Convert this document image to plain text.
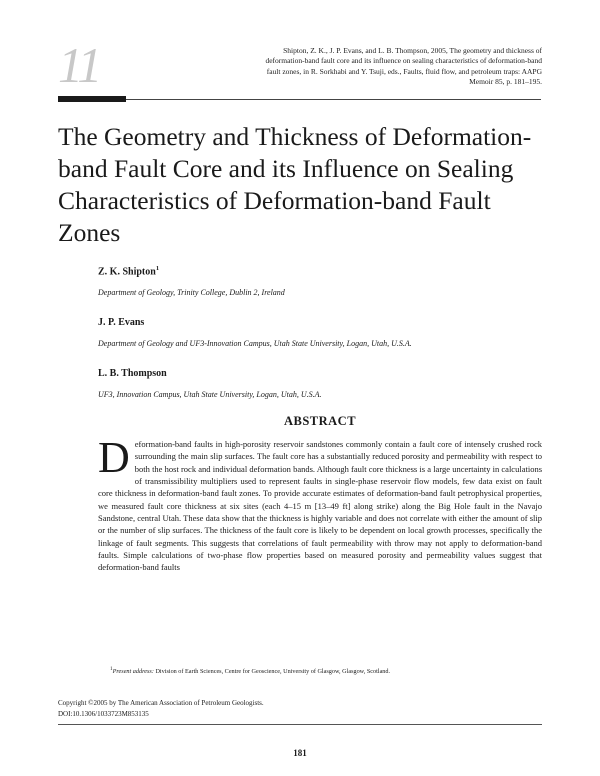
11	Shipton, Z. K., J. P. Evans, and L. B. Thompson, 2005, The geometry and thickness of deformation-band fault core and its influence on sealing characteristics of deformation-band fault zones, in R. Sorkhabi and Y. Tsuji, eds., Faults, fluid flow, and petroleum traps: AAPG Memoir 85, p. 181–195.
The Geometry and Thickness of Deformation-band Fault Core and its Influence on Sealing Characteristics of Deformation-band Fault Zones
Z. K. Shipton$^1$
Department of Geology, Trinity College, Dublin 2, Ireland
J. P. Evans
Department of Geology and UF3-Innovation Campus, Utah State University, Logan, Utah, U.S.A.
L. B. Thompson
UF3, Innovation Campus, Utah State University, Logan, Utah, U.S.A.
ABSTRACT

Deformation-band faults in high-porosity reservoir sandstones commonly contain a fault core of intensely crushed rock surrounding the main slip surfaces. The fault core has a substantially reduced porosity and permeability with respect to both the host rock and individual deformation bands. Although fault core thickness is a large uncertainty in calculations of transmissibility multipliers used to represent faults in single-phase reservoir flow models, few data exist on fault core thickness in deformation-band fault zones. To provide accurate estimates of deformation-band fault petrophysical properties, we measured fault core thickness at six sites (each 4–15 m [13–49 ft] along strike) along the Big Hole fault in the Navajo Sandstone, central Utah. These data show that the thickness is highly variable and does not correlate with either the amount of slip or the number of slip surfaces. The thickness of the fault core is likely to be dependent on local growth processes, specifically the linkage of fault segments. This suggests that correlations of fault permeability with throw may not apply to deformation-band faults. Simple calculations of two-phase flow properties based on measured porosity and permeability values suggest that deformation-band faults

$^1$Present address: Division of Earth Sciences, Centre for Geoscience, University of Glasgow, Glasgow, Scotland.
Copyright ©2005 by The American Association of Petroleum Geologists.
DOI:10.1306/1033723M853135
181
